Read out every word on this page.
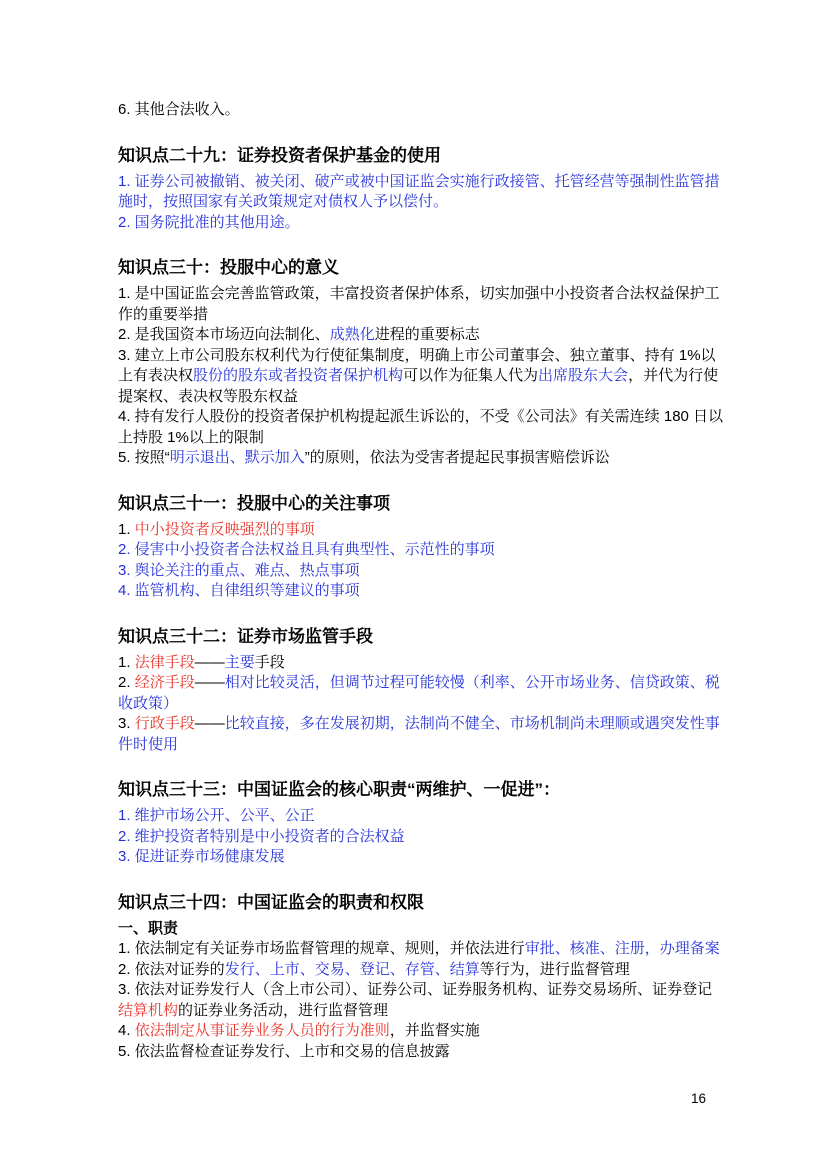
6. 其他合法收入。
知识点二十九：证券投资者保护基金的使用
1. 证券公司被撤销、被关闭、破产或被中国证监会实施行政接管、托管经营等强制性监管措
施时，按照国家有关政策规定对债权人予以偿付。
2. 国务院批准的其他用途。
知识点三十：投服中心的意义
1. 是中国证监会完善监管政策，丰富投资者保护体系，切实加强中小投资者合法权益保护工
作的重要举措
2. 是我国资本市场迈向法制化、成熟化进程的重要标志
3. 建立上市公司股东权利代为行使征集制度，明确上市公司董事会、独立董事、持有 1%以
上有表决权股份的股东或者投资者保护机构可以作为征集人代为出席股东大会，并代为行使
提案权、表决权等股东权益
4. 持有发行人股份的投资者保护机构提起派生诉讼的，不受《公司法》有关需连续 180 日以
上持股 1%以上的限制
5. 按照“明示退出、默示加入”的原则，依法为受害者提起民事损害赔偿诉讼
知识点三十一：投服中心的关注事项
1. 中小投资者反映强烈的事项
2. 侵害中小投资者合法权益且具有典型性、示范性的事项
3. 舆论关注的重点、难点、热点事项
4. 监管机构、自律组织等建议的事项
知识点三十二：证券市场监管手段
1. 法律手段——主要手段
2. 经济手段——相对比较灵活，但调节过程可能较慢（利率、公开市场业务、信贷政策、税
收政策）
3. 行政手段——比较直接，多在发展初期，法制尚不健全、市场机制尚未理顺或遇突发性事
件时使用
知识点三十三：中国证监会的核心职责“两维护、一促进”：
1. 维护市场公开、公平、公正
2. 维护投资者特别是中小投资者的合法权益
3. 促进证券市场健康发展
知识点三十四：中国证监会的职责和权限
一、职责
1. 依法制定有关证券市场监督管理的规章、规则，并依法进行审批、核准、注册，办理备案
2. 依法对证券的发行、上市、交易、登记、存管、结算等行为，进行监督管理
3. 依法对证券发行人（含上市公司）、证券公司、证券服务机构、证券交易场所、证券登记
结算机构的证券业务活动，进行监督管理
4. 依法制定从事证券业务人员的行为准则，并监督实施
5. 依法监督检查证券发行、上市和交易的信息披露
16
